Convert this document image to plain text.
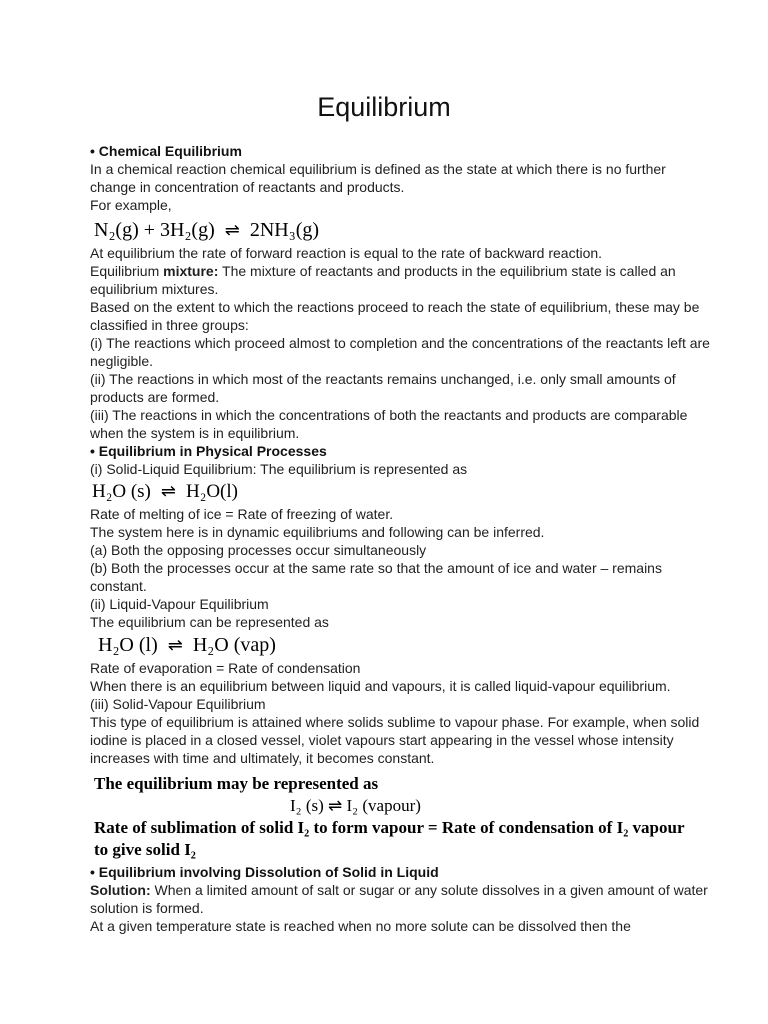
Equilibrium
• Chemical Equilibrium

In a chemical reaction chemical equilibrium is defined as the state at which there is no further change in concentration of reactants and products.

For example,

N₂(g) + 3H₂(g) ⇌ 2NH₃(g)

At equilibrium the rate of forward reaction is equal to the rate of backward reaction.

Equilibrium mixture: The mixture of reactants and products in the equilibrium state is called an equilibrium mixtures.

Based on the extent to which the reactions proceed to reach the state of equilibrium, these may be classified in three groups:

(i) The reactions which proceed almost to completion and the concentrations of the reactants left are negligible.

(ii) The reactions in which most of the reactants remains unchanged, i.e. only small amounts of products are formed.

(iii) The reactions in which the concentrations of both the reactants and products are comparable when the system is in equilibrium.

• Equilibrium in Physical Processes

(i) Solid-Liquid Equilibrium: The equilibrium is represented as

H₂O (s) ⇌ H₂O(l)

Rate of melting of ice = Rate of freezing of water.

The system here is in dynamic equilibriums and following can be inferred.

(a) Both the opposing processes occur simultaneously

(b) Both the processes occur at the same rate so that the amount of ice and water – remains constant.

(ii) Liquid-Vapour Equilibrium

The equilibrium can be represented as

H₂O (l) ⇌ H₂O (vap)

Rate of evaporation = Rate of condensation

When there is an equilibrium between liquid and vapours, it is called liquid-vapour equilibrium.

(iii) Solid-Vapour Equilibrium

This type of equilibrium is attained where solids sublime to vapour phase. For example, when solid iodine is placed in a closed vessel, violet vapours start appearing in the vessel whose intensity increases with time and ultimately, it becomes constant.

The equilibrium may be represented as
I₂ (s) ⇌ I₂ (vapour)
Rate of sublimation of solid I₂ to form vapour = Rate of condensation of I₂ vapour
to give solid I₂
• Equilibrium involving Dissolution of Solid in Liquid

Solution: When a limited amount of salt or sugar or any solute dissolves in a given amount of water solution is formed.

At a given temperature state is reached when no more solute can be dissolved then the
